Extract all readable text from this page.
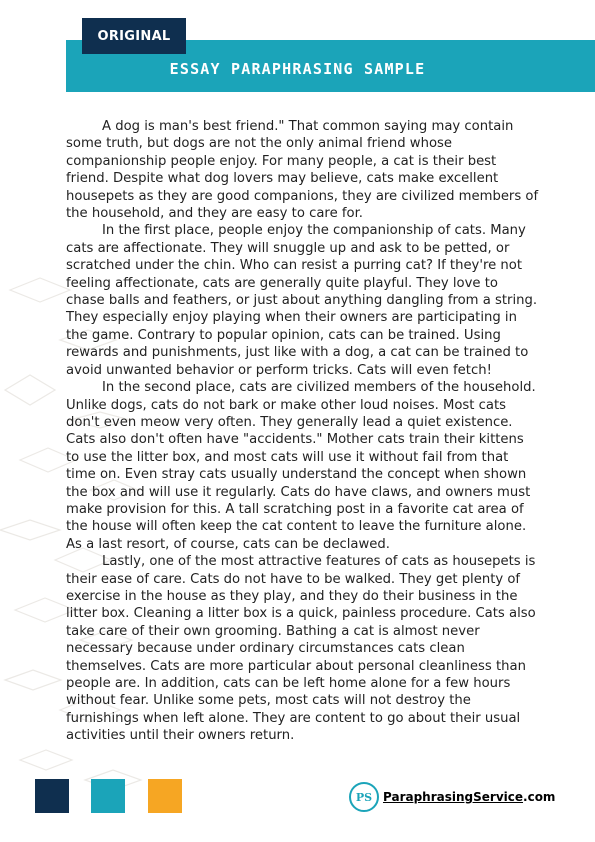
ORIGINAL
ESSAY PARAPHRASING SAMPLE

A dog is man's best friend." That common saying may contain some truth, but dogs are not the only animal friend whose companionship people enjoy. For many people, a cat is their best friend. Despite what dog lovers may believe, cats make excellent housepets as they are good companions, they are civilized members of the household, and they are easy to care for.

In the first place, people enjoy the companionship of cats. Many cats are affectionate. They will snuggle up and ask to be petted, or scratched under the chin. Who can resist a purring cat? If they're not feeling affectionate, cats are generally quite playful. They love to chase balls and feathers, or just about anything dangling from a string. They especially enjoy playing when their owners are participating in the game. Contrary to popular opinion, cats can be trained. Using rewards and punishments, just like with a dog, a cat can be trained to avoid unwanted behavior or perform tricks. Cats will even fetch!

In the second place, cats are civilized members of the household. Unlike dogs, cats do not bark or make other loud noises. Most cats don't even meow very often. They generally lead a quiet existence. Cats also don't often have "accidents." Mother cats train their kittens to use the litter box, and most cats will use it without fail from that time on. Even stray cats usually understand the concept when shown the box and will use it regularly. Cats do have claws, and owners must make provision for this. A tall scratching post in a favorite cat area of the house will often keep the cat content to leave the furniture alone. As a last resort, of course, cats can be declawed.

Lastly, one of the most attractive features of cats as housepets is their ease of care. Cats do not have to be walked. They get plenty of exercise in the house as they play, and they do their business in the litter box. Cleaning a litter box is a quick, painless procedure. Cats also take care of their own grooming. Bathing a cat is almost never necessary because under ordinary circumstances cats clean themselves. Cats are more particular about personal cleanliness than people are. In addition, cats can be left home alone for a few hours without fear. Unlike some pets, most cats will not destroy the furnishings when left alone. They are content to go about their usual activities until their owners return.

PS ParaphrasingService.com
